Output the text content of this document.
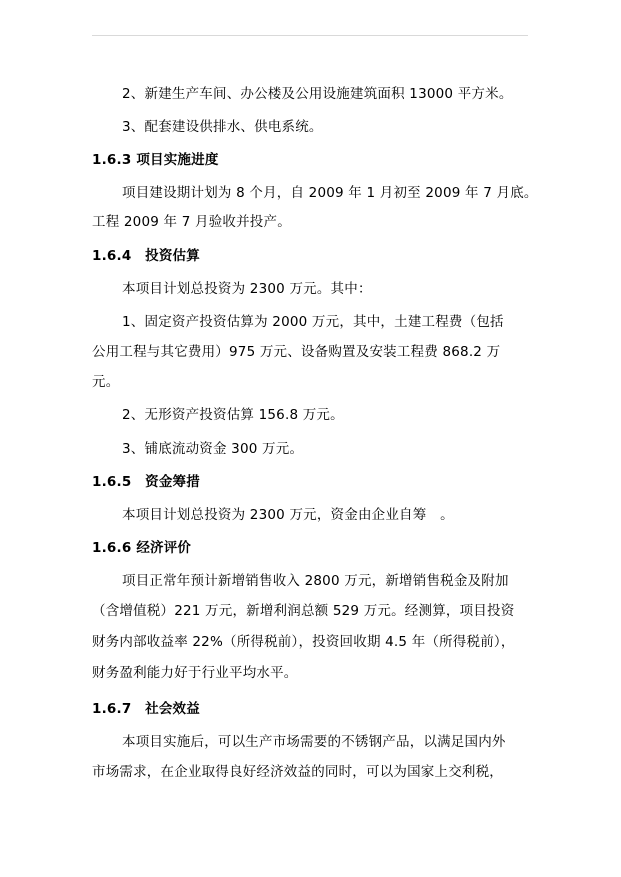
2、新建生产车间、办公楼及公用设施建筑面积 13000 平方米。
3、配套建设供排水、供电系统。
1.6.3 项目实施进度
项目建设期计划为 8 个月，自 2009 年 1 月初至 2009 年 7 月底。
工程 2009 年 7 月验收并投产。
1.6.4　投资估算
本项目计划总投资为 2300 万元。其中：
1、固定资产投资估算为 2000 万元，其中，土建工程费（包括
公用工程与其它费用）975 万元、设备购置及安装工程费 868.2 万
元。
2、无形资产投资估算 156.8 万元。
3、铺底流动资金 300 万元。
1.6.5　资金筹措
本项目计划总投资为 2300 万元，资金由企业自筹　。
1.6.6 经济评价
项目正常年预计新增销售收入 2800 万元，新增销售税金及附加
（含增值税）221 万元，新增利润总额 529 万元。经测算，项目投资
财务内部收益率 22%（所得税前），投资回收期 4.5 年（所得税前），
财务盈利能力好于行业平均水平。
1.6.7　社会效益
本项目实施后，可以生产市场需要的不锈钢产品，以满足国内外
市场需求，在企业取得良好经济效益的同时，可以为国家上交利税，
